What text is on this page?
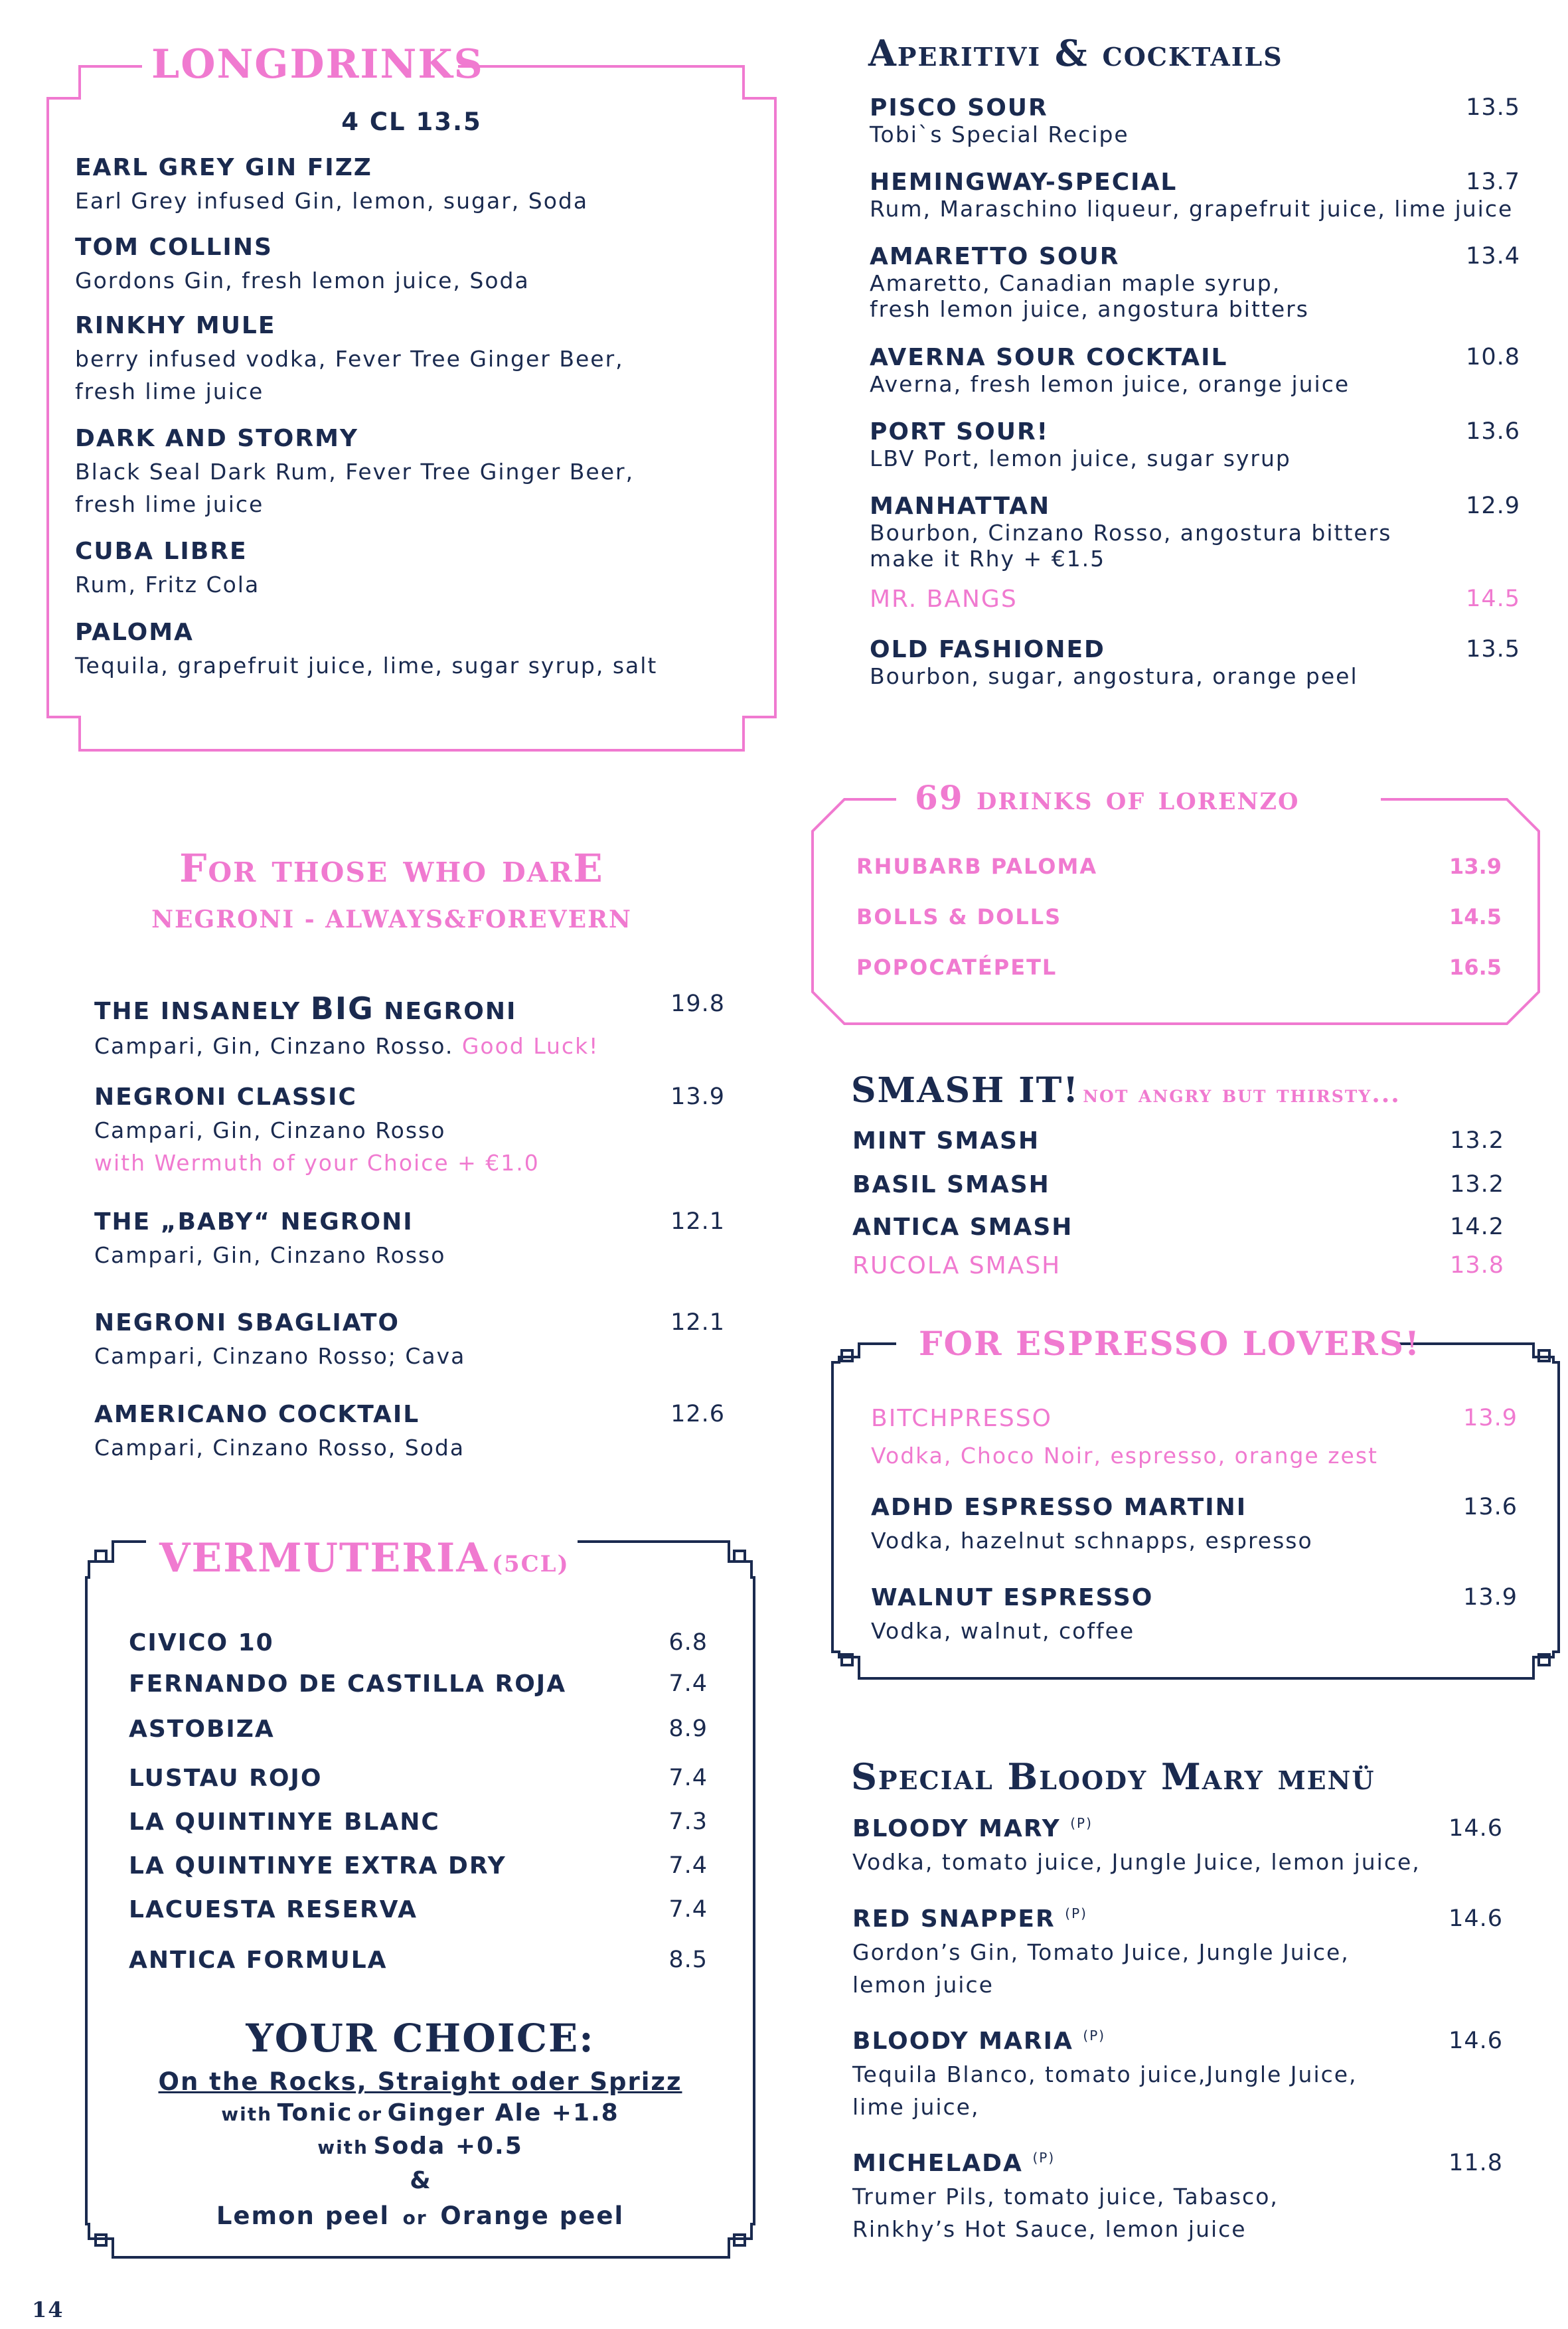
LONGDRINKS
4 CL 13.5
EARL GREY GIN FIZZ
Earl Grey infused Gin, lemon, sugar, Soda
TOM COLLINS
Gordons Gin, fresh lemon juice, Soda
RINKHY MULE
berry infused vodka, Fever Tree Ginger Beer,
fresh lime juice
DARK AND STORMY
Black Seal Dark Rum, Fever Tree Ginger Beer,
fresh lime juice
CUBA LIBRE
Rum, Fritz Cola
PALOMA
Tequila, grapefruit juice, lime, sugar syrup, salt
Aperitivi & cocktails
PISCO SOUR
Tobi`s Special Recipe
13.5
HEMINGWAY-SPECIAL
Rum, Maraschino liqueur, grapefruit juice, lime juice
13.7
AMARETTO SOUR
Amaretto, Canadian maple syrup,
fresh lemon juice, angostura bitters
13.4
AVERNA SOUR COCKTAIL
Averna, fresh lemon juice, orange juice
10.8
PORT SOUR!
LBV Port, lemon juice, sugar syrup
13.6
MANHATTAN
Bourbon, Cinzano Rosso, angostura bitters
make it Rhy + €1.5
12.9
MR. BANGS	14.5
OLD FASHIONED
Bourbon, sugar, angostura, orange peel
13.5
69 drinks of lorenzo
RHUBARB PALOMA	13.9
BOLLS & DOLLS	14.5
POPOCATÉPETL	16.5
For those who darE
NEGRONI - ALWAYS&FOREVERN
THE INSANELY BIG NEGRONI
Campari, Gin, Cinzano Rosso. Good Luck!
19.8
NEGRONI CLASSIC
Campari, Gin, Cinzano Rosso
with Wermuth of your Choice + €1.0
13.9
THE „BABY“ NEGRONI
Campari, Gin, Cinzano Rosso
12.1
NEGRONI SBAGLIATO
Campari, Cinzano Rosso; Cava
12.1
AMERICANO COCKTAIL
Campari, Cinzano Rosso, Soda
12.6
SMASH IT! not angry but thirsty...
MINT SMASH	13.2
BASIL SMASH	13.2
ANTICA SMASH	14.2
RUCOLA SMASH	13.8
FOR ESPRESSO LOVERS!
BITCHPRESSO
Vodka, Choco Noir, espresso, orange zest
13.9
ADHD ESPRESSO MARTINI
Vodka, hazelnut schnapps, espresso
13.6
WALNUT ESPRESSO
Vodka, walnut, coffee
13.9
VERMUTERIA (5CL)
CIVICO 10	6.8
FERNANDO DE CASTILLA ROJA	7.4
ASTOBIZA	8.9
LUSTAU ROJO	7.4
LA QUINTINYE BLANC	7.3
LA QUINTINYE EXTRA DRY	7.4
LACUESTA RESERVA	7.4
ANTICA FORMULA	8.5
YOUR CHOICE:
On the Rocks, Straight oder Sprizz
with Tonic or Ginger Ale +1.8
with Soda +0.5
&
Lemon peel or Orange peel
Special Bloody Mary menü
BLOODY MARY $^{(P)}$
Vodka, tomato juice, Jungle Juice, lemon juice,
14.6
RED SNAPPER $^{(P)}$
Gordon’s Gin, Tomato Juice, Jungle Juice,
lemon juice
14.6
BLOODY MARIA $^{(P)}$
Tequila Blanco, tomato juice,Jungle Juice,
lime juice,
14.6
MICHELADA $^{(P)}$
Trumer Pils, tomato juice, Tabasco,
Rinkhy’s Hot Sauce, lemon juice
11.8
14
